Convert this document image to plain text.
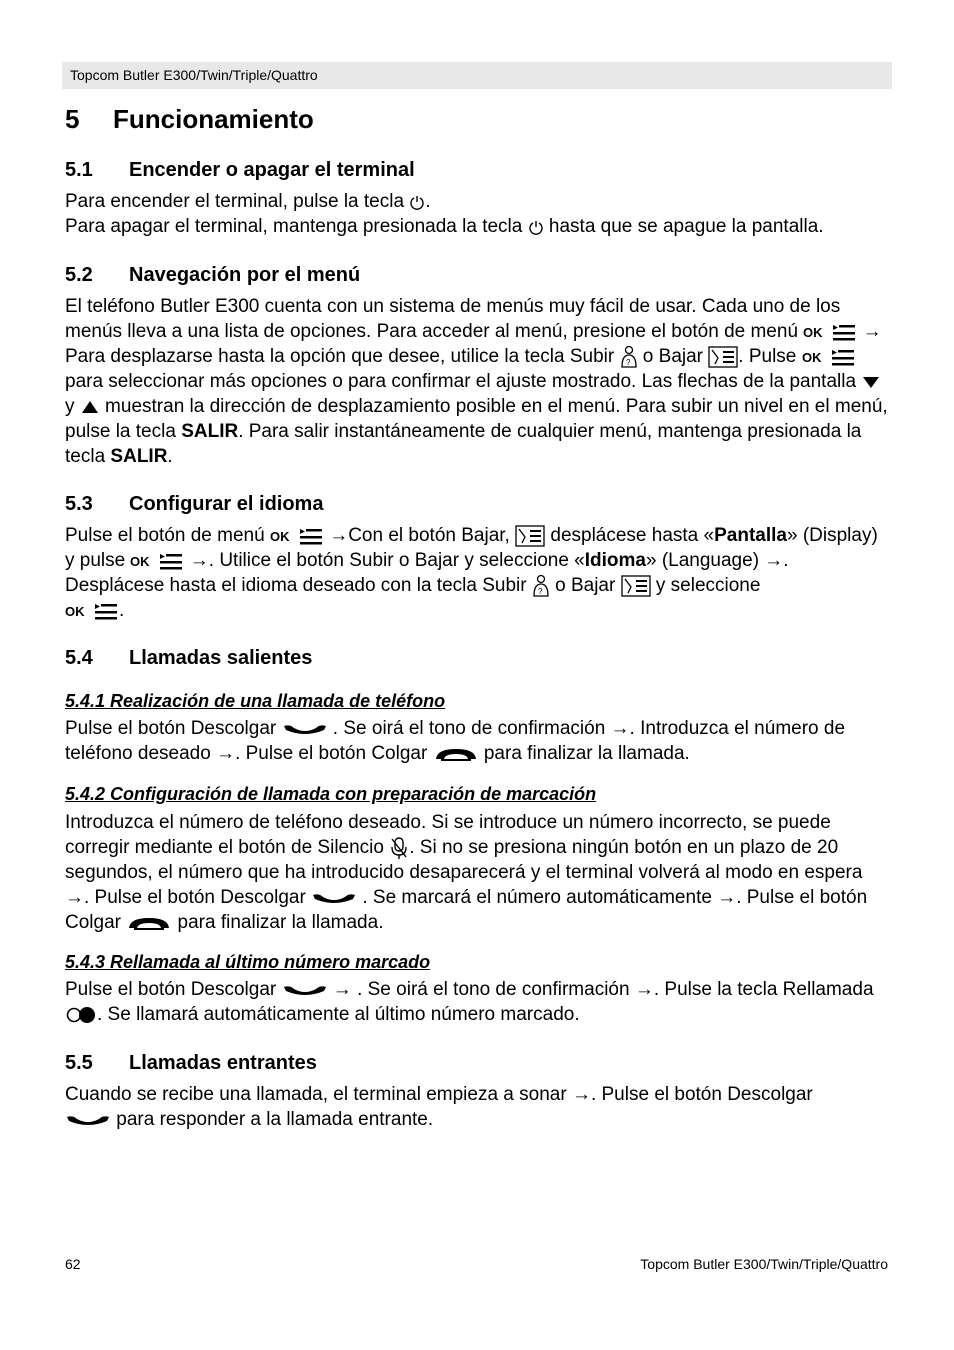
Topcom Butler E300/Twin/Triple/Quattro
5 Funcionamiento
5.1 Encender o apagar el terminal
Para encender el terminal, pulse la tecla .
Para apagar el terminal, mantenga presionada la tecla  hasta que se apague la pantalla.
5.2 Navegación por el menú
El teléfono Butler E300 cuenta con un sistema de menús muy fácil de usar. Cada uno de los menús lleva a una lista de opciones. Para acceder al menú, presione el botón de menú OK → Para desplazarse hasta la opción que desee, utilice la tecla Subir ? o Bajar . Pulse OK
para seleccionar más opciones o para confirmar el ajuste mostrado. Las flechas de la pantalla  y  muestran la dirección de desplazamiento posible en el menú. Para subir un nivel en el menú, pulse la tecla SALIR. Para salir instantáneamente de cualquier menú, mantenga presionada la tecla SALIR.
5.3 Configurar el idioma
Pulse el botón de menú OK →Con el botón Bajar,  desplácese hasta «Pantalla» (Display) y pulse OK →. Utilice el botón Subir o Bajar y seleccione «Idioma» (Language) →. Desplácese hasta el idioma deseado con la tecla Subir ? o Bajar  y seleccione

OK .
5.4 Llamadas salientes
5.4.1 Realización de una llamada de teléfono
Pulse el botón Descolgar  . Se oirá el tono de confirmación →. Introduzca el número de teléfono deseado →. Pulse el botón Colgar  para finalizar la llamada.
5.4.2 Configuración de llamada con preparación de marcación
Introduzca el número de teléfono deseado. Si se introduce un número incorrecto, se puede corregir mediante el botón de Silencio . Si no se presiona ningún botón en un plazo de 20 segundos, el número que ha introducido desaparecerá y el terminal volverá al modo en espera →. Pulse el botón Descolgar  . Se marcará el número automáticamente →. Pulse el botón Colgar  para finalizar la llamada.
5.4.3 Rellamada al último número marcado
Pulse el botón Descolgar  → . Se oirá el tono de confirmación →. Pulse la tecla Rellamada . Se llamará automáticamente al último número marcado.
5.5 Llamadas entrantes
Cuando se recibe una llamada, el terminal empieza a sonar →. Pulse el botón Descolgar
para responder a la llamada entrante.
62	Topcom Butler E300/Twin/Triple/Quattro
